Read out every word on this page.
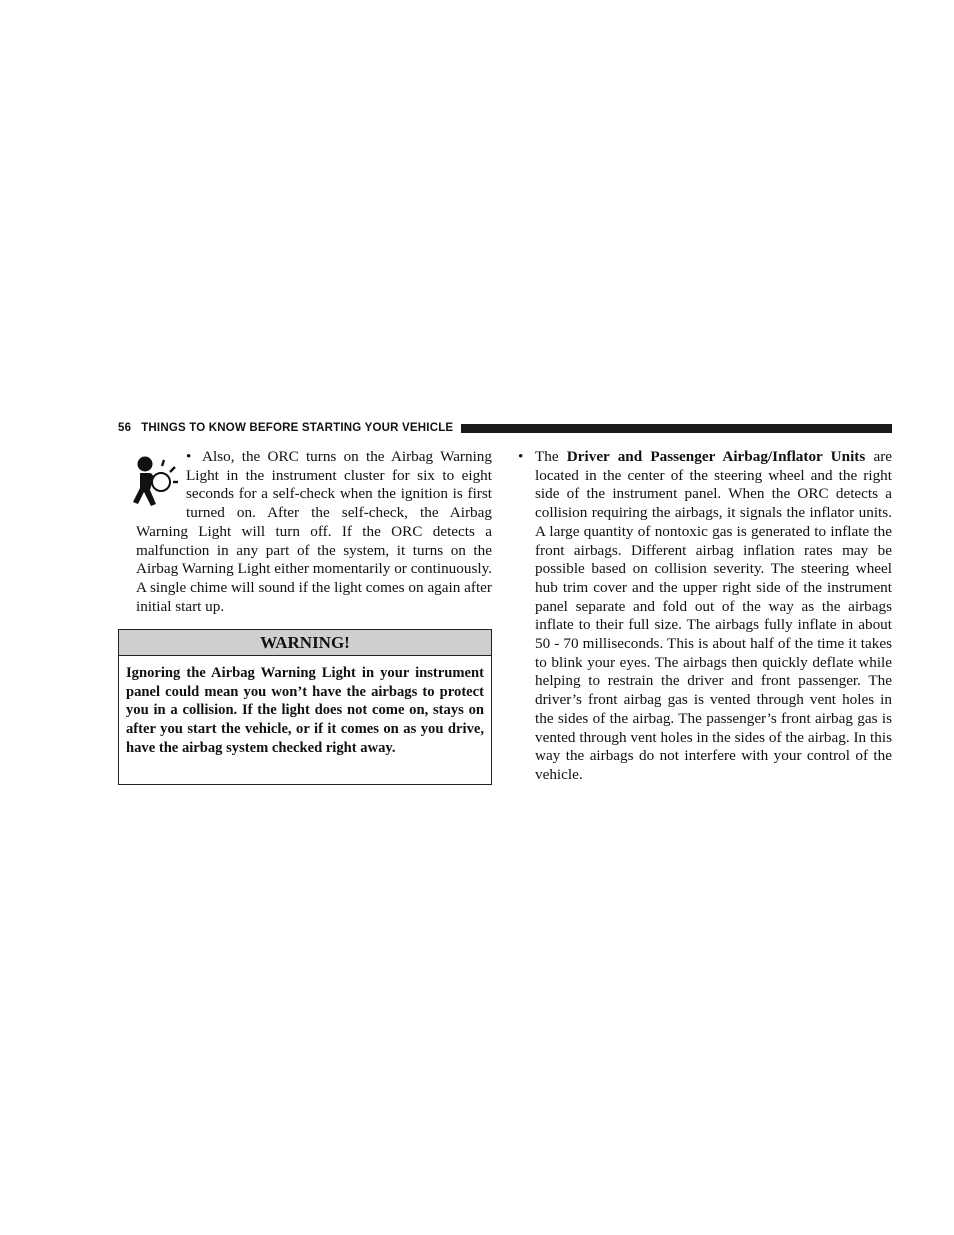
56 THINGS TO KNOW BEFORE STARTING YOUR VEHICLE

• Also, the ORC turns on the Airbag Warning Light in the instrument cluster for six to eight seconds for a self-check when the ignition is first turned on. After the self-check, the Airbag Warning Light will turn off. If the ORC detects a malfunction in any part of the system, it turns on the Airbag Warning Light either momentarily or continuously. A single chime will sound if the light comes on again after initial start up.

WARNING!
Ignoring the Airbag Warning Light in your instrument panel could mean you won’t have the airbags to protect you in a collision. If the light does not come on, stays on after you start the vehicle, or if it comes on as you drive, have the airbag system checked right away.

• The Driver and Passenger Airbag/Inflator Units are located in the center of the steering wheel and the right side of the instrument panel. When the ORC detects a collision requiring the airbags, it signals the inflator units. A large quantity of nontoxic gas is generated to inflate the front airbags. Different airbag inflation rates may be possible based on collision severity. The steering wheel hub trim cover and the upper right side of the instrument panel separate and fold out of the way as the airbags inflate to their full size. The airbags fully inflate in about 50 - 70 milliseconds. This is about half of the time it takes to blink your eyes. The airbags then quickly deflate while helping to restrain the driver and front passenger. The driver’s front airbag gas is vented through vent holes in the sides of the airbag. The passenger’s front airbag gas is vented through vent holes in the sides of the airbag. In this way the airbags do not interfere with your control of the vehicle.
